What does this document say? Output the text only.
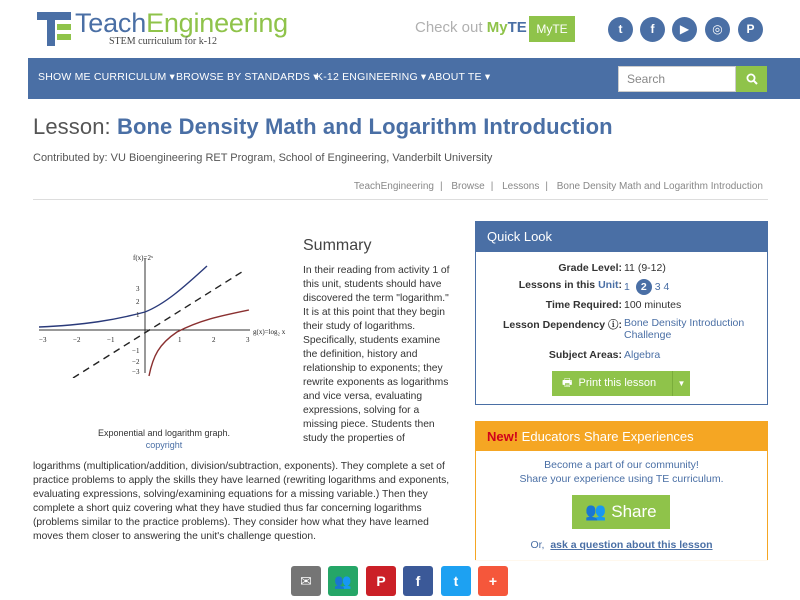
TeachEngineering
STEM curriculum for k-12
Check out MyTE MyTE	t	f	▶	◎	P
SHOW ME CURRICULUM ▾ BROWSE BY STANDARDS ▾
K-12 ENGINEERING ▾ ABOUT TE ▾
Search
Lesson: Bone Density Math and Logarithm Introduction
Contributed by: VU Bioengineering RET Program, School of Engineering, Vanderbilt University
TeachEngineering | Browse | Lessons | Bone Density Math and Logarithm Introduction
f(x)=2ˣ
g(x)=log₂ x
−3	−2	−1	1	2	3
3
2
1
−1
−2
−3
Exponential and logarithm graph.
copyright
Summary
In their reading from activity 1 of this unit, students should have discovered the term "logarithm." It is at this point that they begin their study of logarithms. Specifically, students examine the definition, history and relationship to exponents; they rewrite exponents as logarithms and vice versa, evaluating expressions, solving for a missing piece. Students then study the properties of
logarithms (multiplication/addition, division/subtraction, exponents). They complete a set of practice problems to apply the skills they have learned (rewriting logarithms and exponents, evaluating expressions, solving/examining equations for a missing variable.) Then they complete a short quiz covering what they have studied thus far concerning logarithms (problems similar to the practice problems). They consider how what they have learned moves them closer to answering the unit's challenge question.
Quick Look
Grade Level: 11 (9-12)
Lessons in this Unit: 1 2 3 4
Time Required: 100 minutes
Lesson Dependency ⓘ: Bone Density Introduction
Challenge
Subject Areas: Algebra
🖶 Print this lesson	▼
New! Educators Share Experiences
Become a part of our community!
Share your experience using TE curriculum.
👥 Share
Or, ask a question about this lesson
✉	👥	P	f	t	+
